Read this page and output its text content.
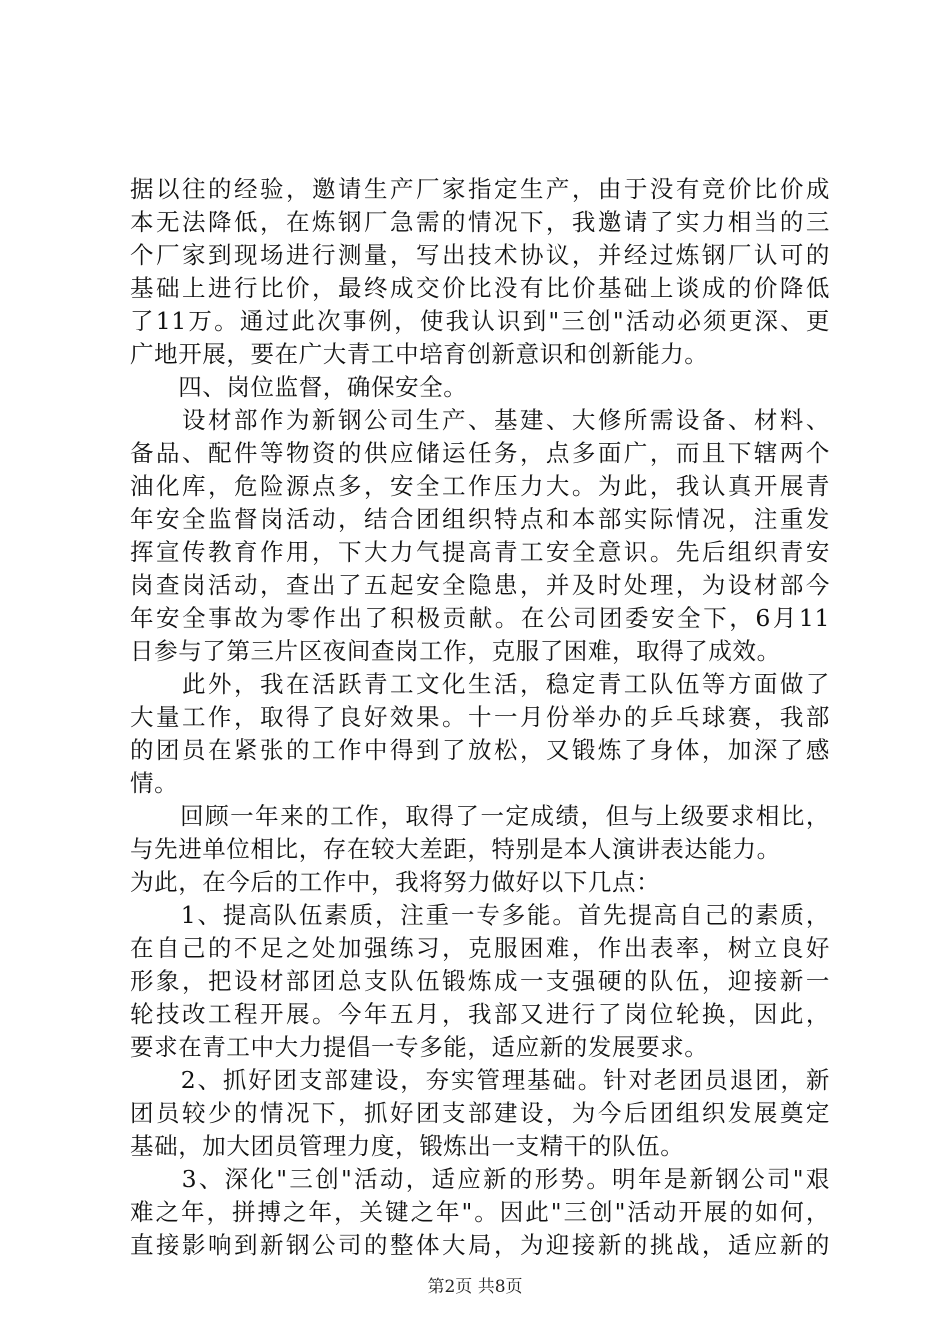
据以往的经验，邀请生产厂家指定生产，由于没有竞价比价成
本无法降低，在炼钢厂急需的情况下，我邀请了实力相当的三
个厂家到现场进行测量，写出技术协议，并经过炼钢厂认可的
基础上进行比价，最终成交价比没有比价基础上谈成的价降低
了11万。通过此次事例，使我认识到"三创"活动必须更深、更
广地开展，要在广大青工中培育创新意识和创新能力。
　　四、岗位监督，确保安全。
　　设材部作为新钢公司生产、基建、大修所需设备、材料、
备品、配件等物资的供应储运任务，点多面广，而且下辖两个
油化库，危险源点多，安全工作压力大。为此，我认真开展青
年安全监督岗活动，结合团组织特点和本部实际情况，注重发
挥宣传教育作用，下大力气提高青工安全意识。先后组织青安
岗查岗活动，查出了五起安全隐患，并及时处理，为设材部今
年安全事故为零作出了积极贡献。在公司团委安全下，6月11
日参与了第三片区夜间查岗工作，克服了困难，取得了成效。
　　此外，我在活跃青工文化生活，稳定青工队伍等方面做了
大量工作，取得了良好效果。十一月份举办的乒乓球赛，我部
的团员在紧张的工作中得到了放松，又锻炼了身体，加深了感
情。
　　回顾一年来的工作，取得了一定成绩，但与上级要求相比，
与先进单位相比，存在较大差距，特别是本人演讲表达能力。
为此，在今后的工作中，我将努力做好以下几点：
　　1、提高队伍素质，注重一专多能。首先提高自己的素质，
在自己的不足之处加强练习，克服困难，作出表率，树立良好
形象，把设材部团总支队伍锻炼成一支强硬的队伍，迎接新一
轮技改工程开展。今年五月，我部又进行了岗位轮换，因此，
要求在青工中大力提倡一专多能，适应新的发展要求。
　　2、抓好团支部建设，夯实管理基础。针对老团员退团，新
团员较少的情况下，抓好团支部建设，为今后团组织发展奠定
基础，加大团员管理力度，锻炼出一支精干的队伍。
　　3、深化"三创"活动，适应新的形势。明年是新钢公司"艰
难之年，拼搏之年，关键之年"。因此"三创"活动开展的如何，
直接影响到新钢公司的整体大局，为迎接新的挑战，适应新的
第2页 共8页
